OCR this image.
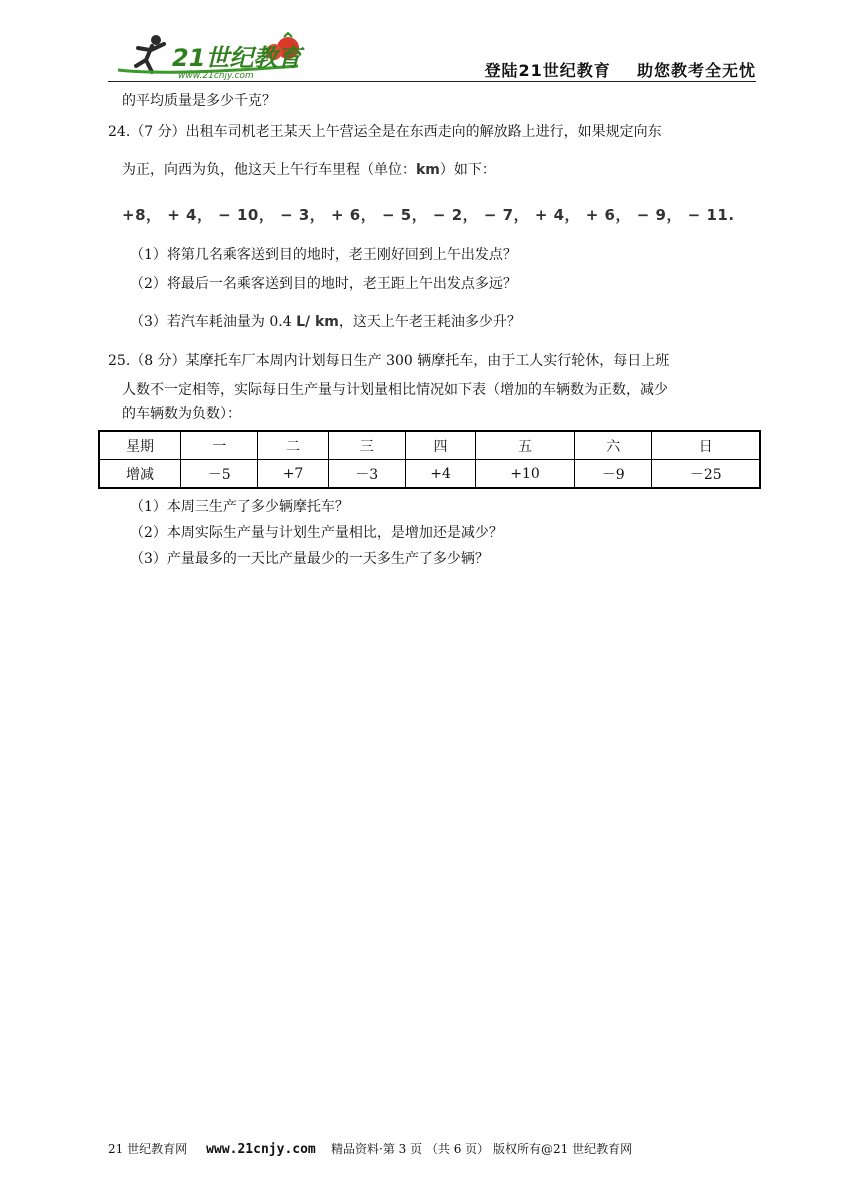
21世纪教育
www.21cnjy.com	登陆21世纪教育    助您教考全无忧
的平均质量是多少千克？
24.（7 分）出租车司机老王某天上午营运全是在东西走向的解放路上进行，如果规定向东
为正，向西为负，他这天上午行车里程（单位：km）如下：
+8， + 4， − 10， − 3， + 6， − 5， − 2， − 7， + 4， + 6， − 9， − 11.
（1）将第几名乘客送到目的地时，老王刚好回到上午出发点？
（2）将最后一名乘客送到目的地时，老王距上午出发点多远？
（3）若汽车耗油量为 0.4 L/ km，这天上午老王耗油多少升？
25.（8 分）某摩托车厂本周内计划每日生产 300 辆摩托车，由于工人实行轮休，每日上班
人数不一定相等，实际每日生产量与计划量相比情况如下表（增加的车辆数为正数，减少
的车辆数为负数）：
星期	一	二	三	四	五	六	日
增减	－5	+7	－3	+4	+10	－9	－25
（1）本周三生产了多少辆摩托车？
（2）本周实际生产量与计划生产量相比，是增加还是减少？
（3）产量最多的一天比产量最少的一天多生产了多少辆？
21 世纪教育网 www.21cnjy.com 精品资料·第 3 页 （共 6 页） 版权所有@21 世纪教育网
